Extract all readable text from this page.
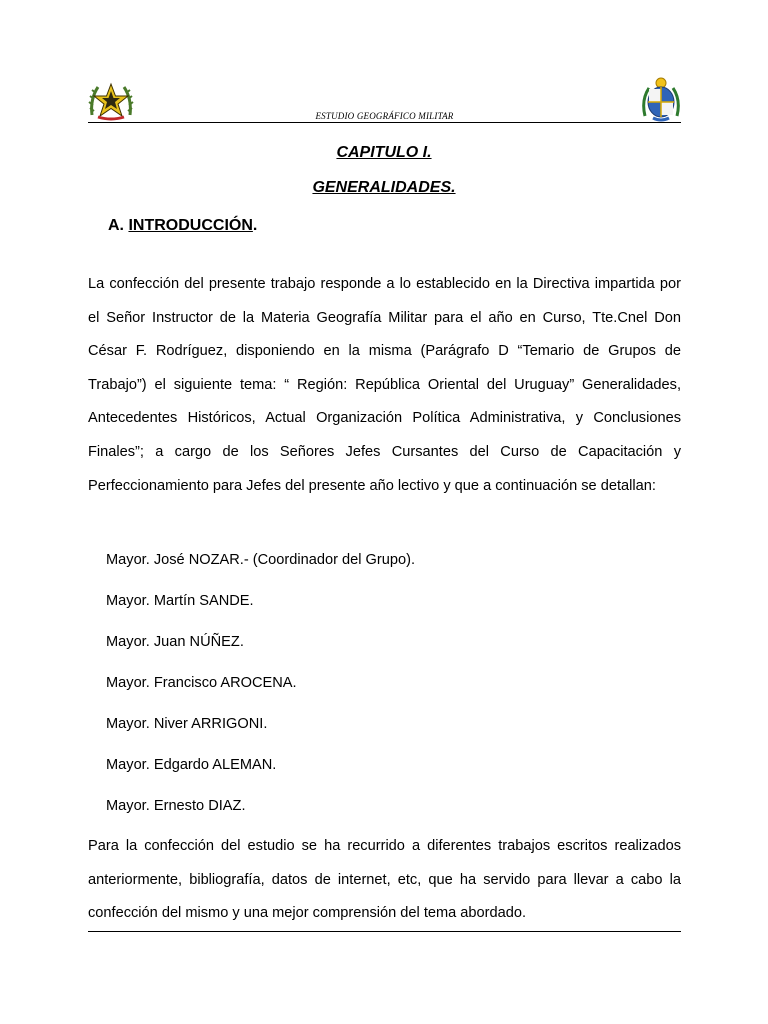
ESTUDIO GEOGRÁFICO MILITAR
CAPITULO I.
GENERALIDADES.
A. INTRODUCCIÓN.

La confección del presente trabajo responde a lo establecido en la Directiva impartida por el Señor Instructor de la Materia Geografía Militar para el año en Curso, Tte.Cnel Don César F. Rodríguez, disponiendo en la misma (Parágrafo D “Temario de Grupos de Trabajo”) el siguiente tema: “ Región: República Oriental del Uruguay” Generalidades, Antecedentes Históricos, Actual Organización Política Administrativa, y Conclusiones Finales”; a cargo de los Señores Jefes Cursantes del Curso de Capacitación y Perfeccionamiento para Jefes del presente año lectivo y que a continuación se detallan:

Mayor. José NOZAR.- (Coordinador del Grupo).
Mayor. Martín SANDE.
Mayor. Juan NÚÑEZ.
Mayor. Francisco AROCENA.
Mayor. Niver ARRIGONI.
Mayor. Edgardo ALEMAN.
Mayor. Ernesto DIAZ.

Para la confección del estudio se ha recurrido a diferentes trabajos escritos realizados anteriormente, bibliografía, datos de internet, etc, que ha servido para llevar a cabo la confección del mismo y una mejor comprensión del tema abordado.
